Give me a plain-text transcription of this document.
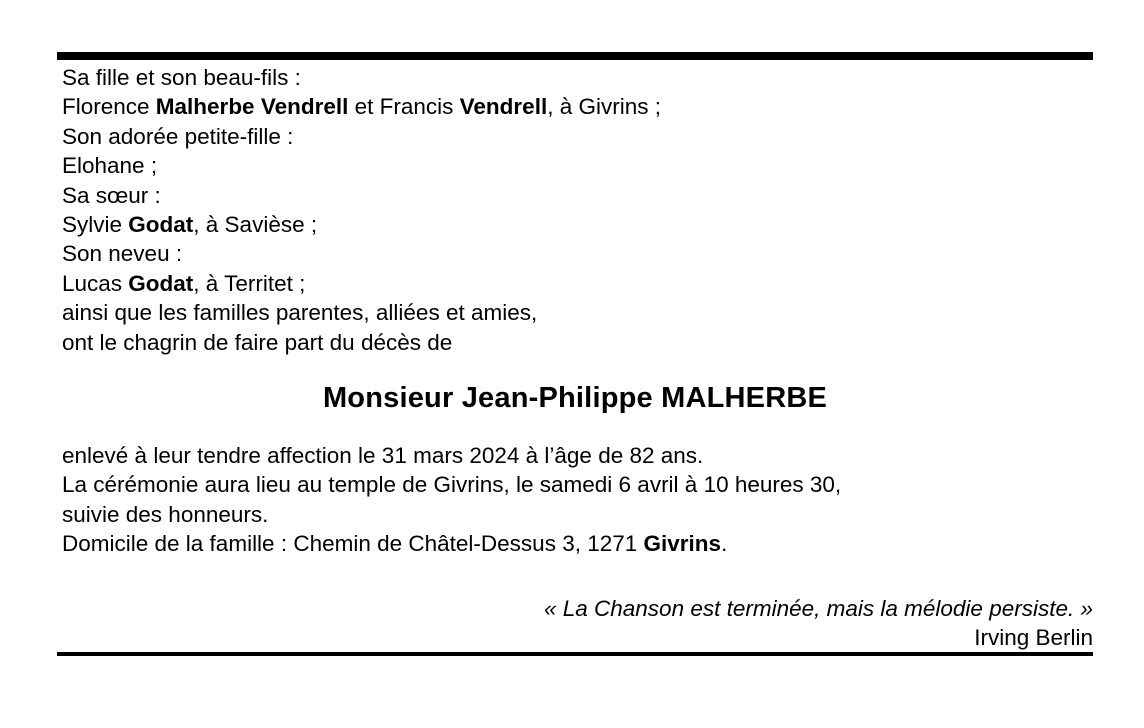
Sa fille et son beau-fils :
Florence Malherbe Vendrell et Francis Vendrell, à Givrins ;
Son adorée petite-fille :
Elohane ;
Sa sœur :
Sylvie Godat, à Savièse ;
Son neveu :
Lucas Godat, à Territet ;
ainsi que les familles parentes, alliées et amies,
ont le chagrin de faire part du décès de
Monsieur Jean-Philippe MALHERBE
enlevé à leur tendre affection le 31 mars 2024 à l’âge de 82 ans.
La cérémonie aura lieu au temple de Givrins, le samedi 6 avril à 10 heures 30,
suivie des honneurs.
Domicile de la famille : Chemin de Châtel-Dessus 3, 1271 Givrins.
« La Chanson est terminée, mais la mélodie persiste. »
Irving Berlin
